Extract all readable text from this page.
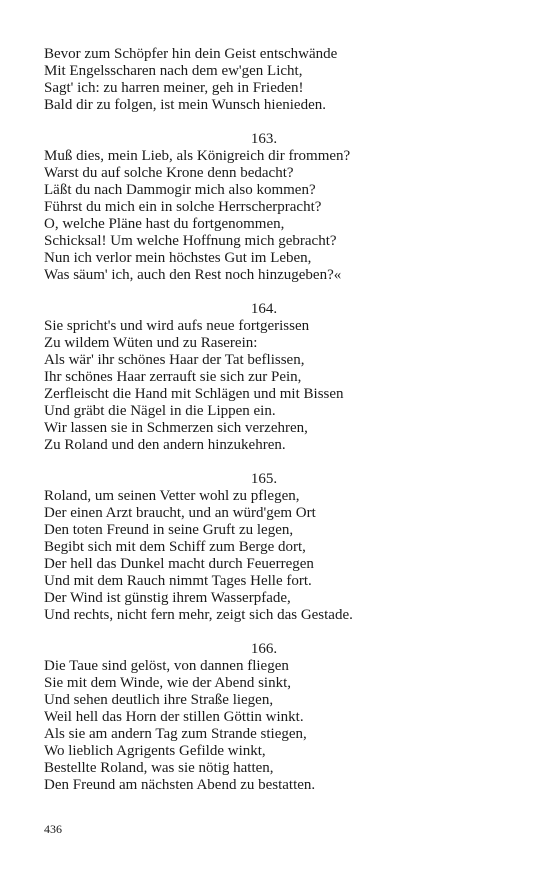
Bevor zum Schöpfer hin dein Geist entschwände
Mit Engelsscharen nach dem ew'gen Licht,
Sagt' ich: zu harren meiner, geh in Frieden!
Bald dir zu folgen, ist mein Wunsch hienieden.
163.
Muß dies, mein Lieb, als Königreich dir frommen?
Warst du auf solche Krone denn bedacht?
Läßt du nach Dammogir mich also kommen?
Führst du mich ein in solche Herrscherpracht?
O, welche Pläne hast du fortgenommen,
Schicksal! Um welche Hoffnung mich gebracht?
Nun ich verlor mein höchstes Gut im Leben,
Was säum' ich, auch den Rest noch hinzugeben?«
164.
Sie spricht's und wird aufs neue fortgerissen
Zu wildem Wüten und zu Raserein:
Als wär' ihr schönes Haar der Tat beflissen,
Ihr schönes Haar zerrauft sie sich zur Pein,
Zerfleischt die Hand mit Schlägen und mit Bissen
Und gräbt die Nägel in die Lippen ein.
Wir lassen sie in Schmerzen sich verzehren,
Zu Roland und den andern hinzukehren.
165.
Roland, um seinen Vetter wohl zu pflegen,
Der einen Arzt braucht, und an würd'gem Ort
Den toten Freund in seine Gruft zu legen,
Begibt sich mit dem Schiff zum Berge dort,
Der hell das Dunkel macht durch Feuerregen
Und mit dem Rauch nimmt Tages Helle fort.
Der Wind ist günstig ihrem Wasserpfade,
Und rechts, nicht fern mehr, zeigt sich das Gestade.
166.
Die Taue sind gelöst, von dannen fliegen
Sie mit dem Winde, wie der Abend sinkt,
Und sehen deutlich ihre Straße liegen,
Weil hell das Horn der stillen Göttin winkt.
Als sie am andern Tag zum Strande stiegen,
Wo lieblich Agrigents Gefilde winkt,
Bestellte Roland, was sie nötig hatten,
Den Freund am nächsten Abend zu bestatten.
436
